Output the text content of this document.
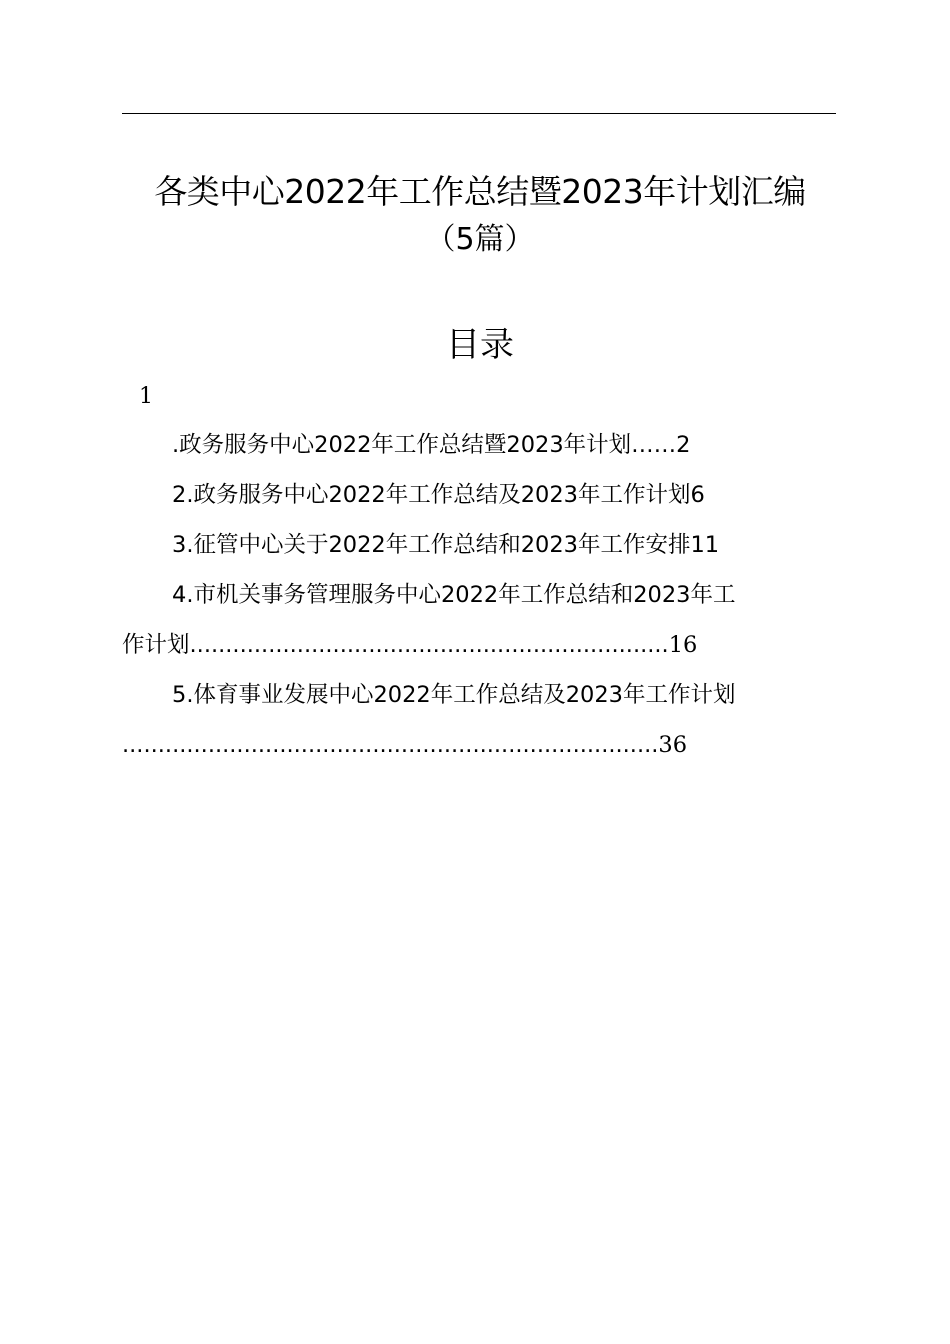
各类中心2022年工作总结暨2023年计划汇编
（5篇）
目录
1
.政务服务中心2022年工作总结暨2023年计划……2
2.政务服务中心2022年工作总结及2023年工作计划6
3.征管中心关于2022年工作总结和2023年工作安排11
4.市机关事务管理服务中心2022年工作总结和2023年工
作计划...................................................................16
5.体育事业发展中心2022年工作总结及2023年工作计划
...........................................................................36
